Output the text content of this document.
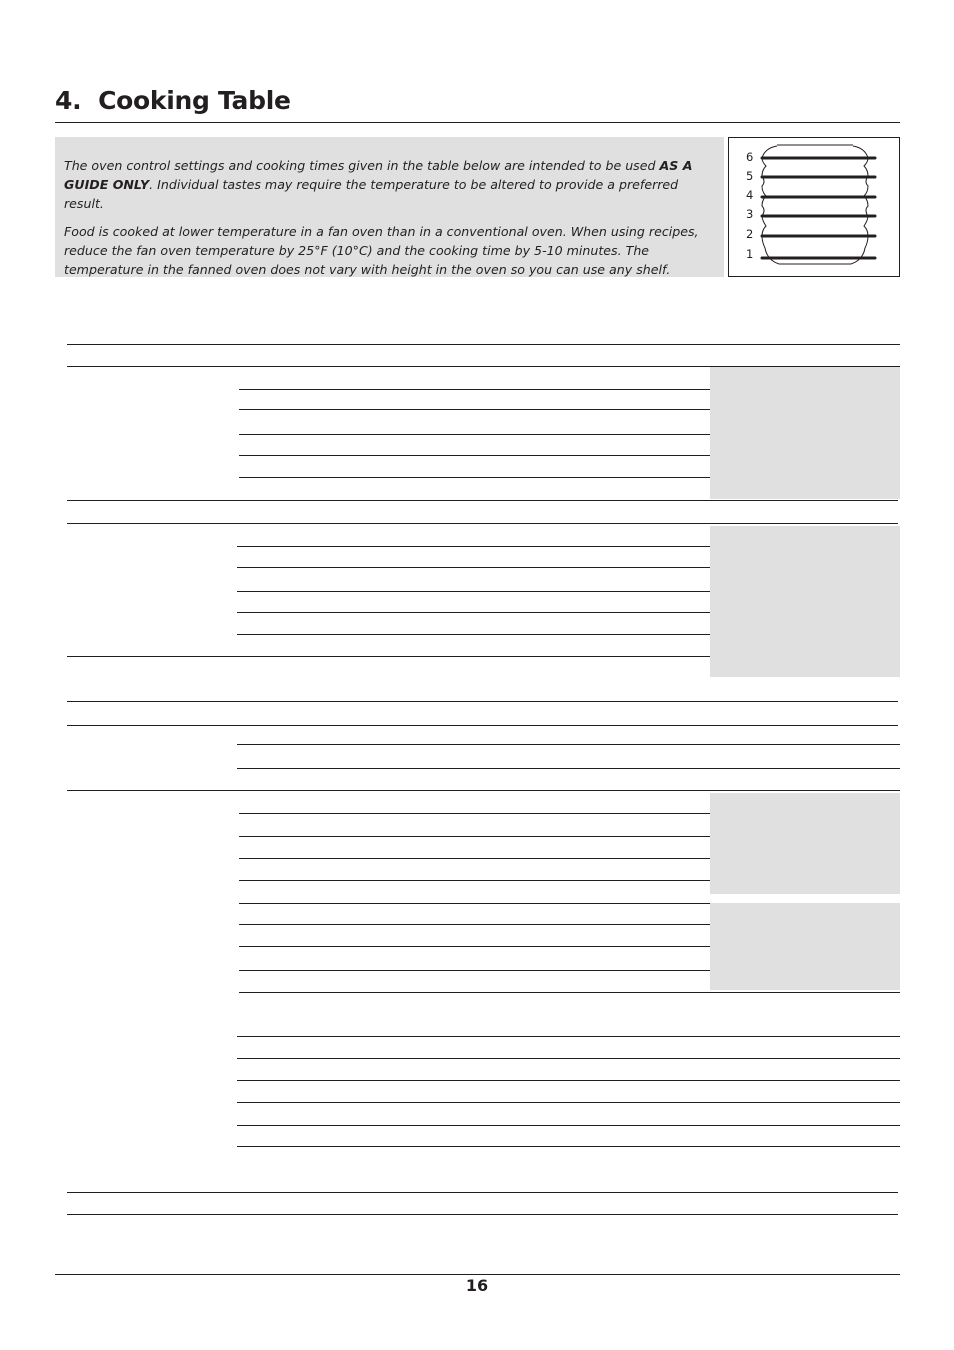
4. Cooking Table

The oven control settings and cooking times given in the table below are intended to be used AS A GUIDE ONLY. Individual tastes may require the temperature to be altered to provide a preferred result.

Food is cooked at lower temperature in a fan oven than in a conventional oven. When using recipes, reduce the fan oven temperature by 25°F (10°C) and the cooking time by 5-10 minutes. The temperature in the fanned oven does not vary with height in the oven so you can use any shelf.

6
5
4
3
2
1
16
